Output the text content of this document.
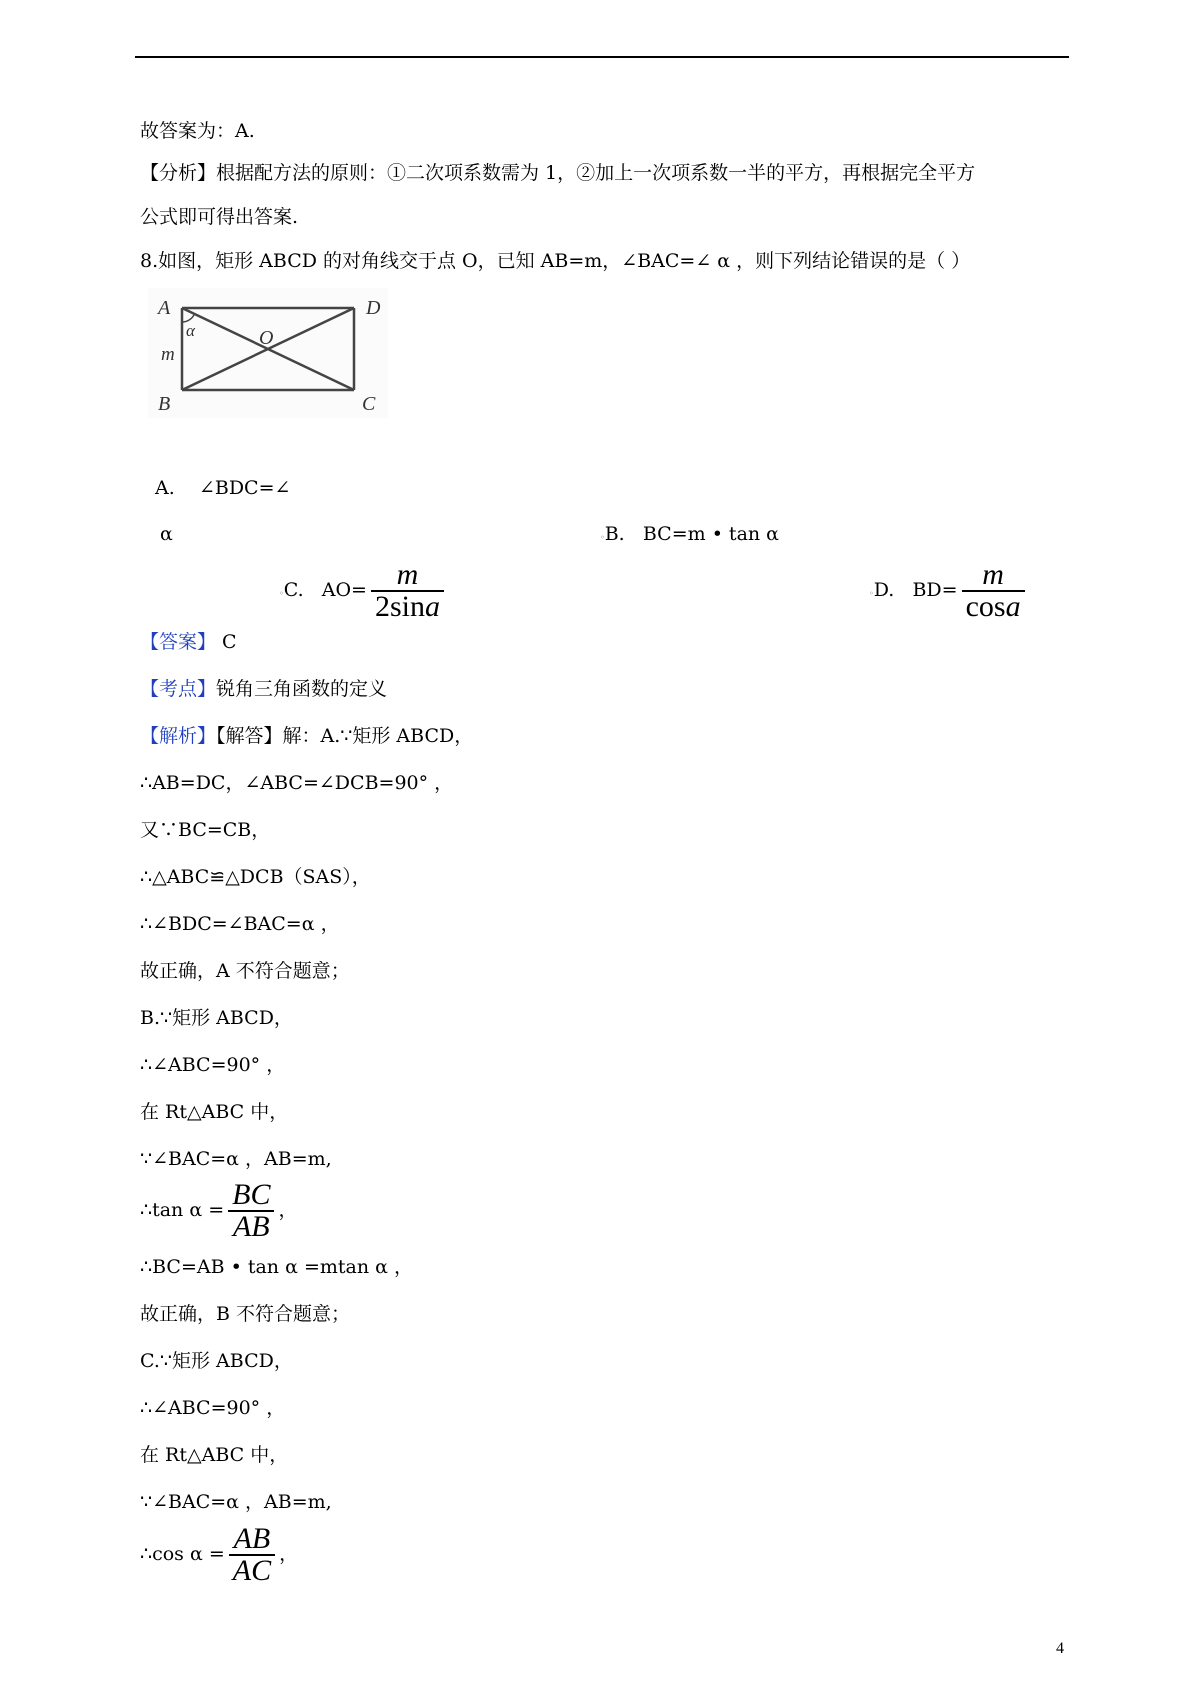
故答案为：A.
【分析】根据配方法的原则：①二次项系数需为 1，②加上一次项系数一半的平方，再根据完全平方
公式即可得出答案.
8.如图，矩形 ABCD 的对角线交于点 O，已知 AB=m，∠BAC=∠ α ，则下列结论错误的是（ ）
A	D
B	C
O
α
m
A. ∠BDC=∠
α	◦B. BC=m • tan α
◦C. $AO= \frac{m}{2\sin a}$	◦D. $BD= \frac{m}{\cos a}$
【答案】 C
【考点】锐角三角函数的定义
【解析】【解答】解：A.∵矩形 ABCD，
∴AB=DC，∠ABC=∠DCB=90° ，
又∵BC=CB，
∴△ABC≌△DCB（SAS），
∴∠BDC=∠BAC=α ，
故正确，A 不符合题意；
B.∵矩形 ABCD，
∴∠ABC=90° ，
在 Rt△ABC 中，
∵∠BAC=α ，AB=m,
∴tan $\alpha = \frac{BC}{AB}$ ，
∴BC=AB • tan α =mtan α ，
故正确，B 不符合题意；
C.∵矩形 ABCD，
∴∠ABC=90° ，
在 Rt△ABC 中，
∵∠BAC=α ，AB=m,
∴cos $\alpha = \frac{AB}{AC}$ ，
4
